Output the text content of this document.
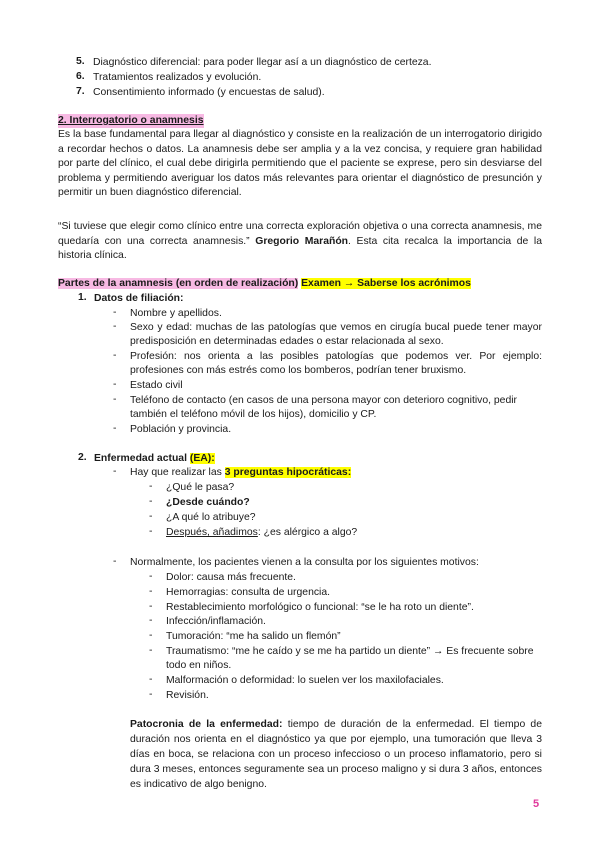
5. Diagnóstico diferencial: para poder llegar así a un diagnóstico de certeza.
6. Tratamientos realizados y evolución.
7. Consentimiento informado (y encuestas de salud).
2. Interrogatorio o anamnesis

Es la base fundamental para llegar al diagnóstico y consiste en la realización de un interrogatorio dirigido a recordar hechos o datos. La anamnesis debe ser amplia y a la vez concisa, y requiere gran habilidad por parte del clínico, el cual debe dirigirla permitiendo que el paciente se exprese, pero sin desviarse del problema y permitiendo averiguar los datos más relevantes para orientar el diagnóstico de presunción y permitir un buen diagnóstico diferencial.

“Si tuviese que elegir como clínico entre una correcta exploración objetiva o una correcta anamnesis, me quedaría con una correcta anamnesis.” Gregorio Marañón. Esta cita recalca la importancia de la historia clínica.

Partes de la anamnesis (en orden de realización) Examen → Saberse los acrónimos
1. Datos de filiación:
- Nombre y apellidos.
- Sexo y edad: muchas de las patologías que vemos en cirugía bucal puede tener mayor predisposición en determinadas edades o estar relacionada al sexo.
- Profesión: nos orienta a las posibles patologías que podemos ver. Por ejemplo: profesiones con más estrés como los bomberos, podrían tener bruxismo.
- Estado civil
- Teléfono de contacto (en casos de una persona mayor con deterioro cognitivo, pedir también el teléfono móvil de los hijos), domicilio y CP.
- Población y provincia.
2. Enfermedad actual (EA):
- Hay que realizar las 3 preguntas hipocráticas:
- ¿Qué le pasa?
- ¿Desde cuándo?
- ¿A qué lo atribuye?
- Después, añadimos: ¿es alérgico a algo?
- Normalmente, los pacientes vienen a la consulta por los siguientes motivos:
- Dolor: causa más frecuente.
- Hemorragias: consulta de urgencia.
- Restablecimiento morfológico o funcional: “se le ha roto un diente”.
- Infección/inflamación.
- Tumoración: “me ha salido un flemón”
- Traumatismo: “me he caído y se me ha partido un diente” → Es frecuente sobre todo en niños.
- Malformación o deformidad: lo suelen ver los maxilofaciales.
- Revisión.
Patocronia de la enfermedad: tiempo de duración de la enfermedad. El tiempo de duración nos orienta en el diagnóstico ya que por ejemplo, una tumoración que lleva 3 días en boca, se relaciona con un proceso infeccioso o un proceso inflamatorio, pero si dura 3 meses, entonces seguramente sea un proceso maligno y si dura 3 años, entonces es indicativo de algo benigno.
5
